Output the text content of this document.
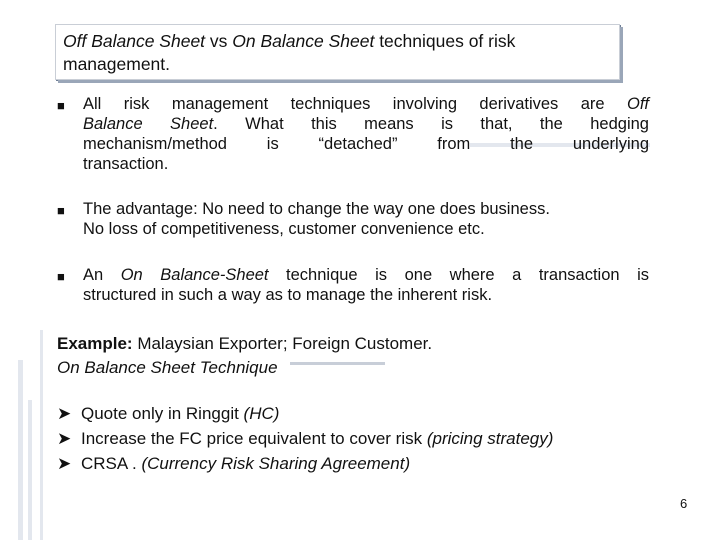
Off Balance Sheet vs On Balance Sheet techniques of risk
management.
■ All risk management techniques involving derivatives are Off
Balance Sheet. What this means is that, the hedging
mechanism/method is “detached” from the underlying
transaction.
■ The advantage: No need to change the way one does business.
No loss of competitiveness, customer convenience etc.
■ An On Balance-Sheet technique is one where a transaction is
structured in such a way as to manage the inherent risk.
Example: Malaysian Exporter; Foreign Customer.
On Balance Sheet Technique
➤ Quote only in Ringgit (HC)
➤ Increase the FC price equivalent to cover risk (pricing strategy)
➤ CRSA . (Currency Risk Sharing Agreement)
6
